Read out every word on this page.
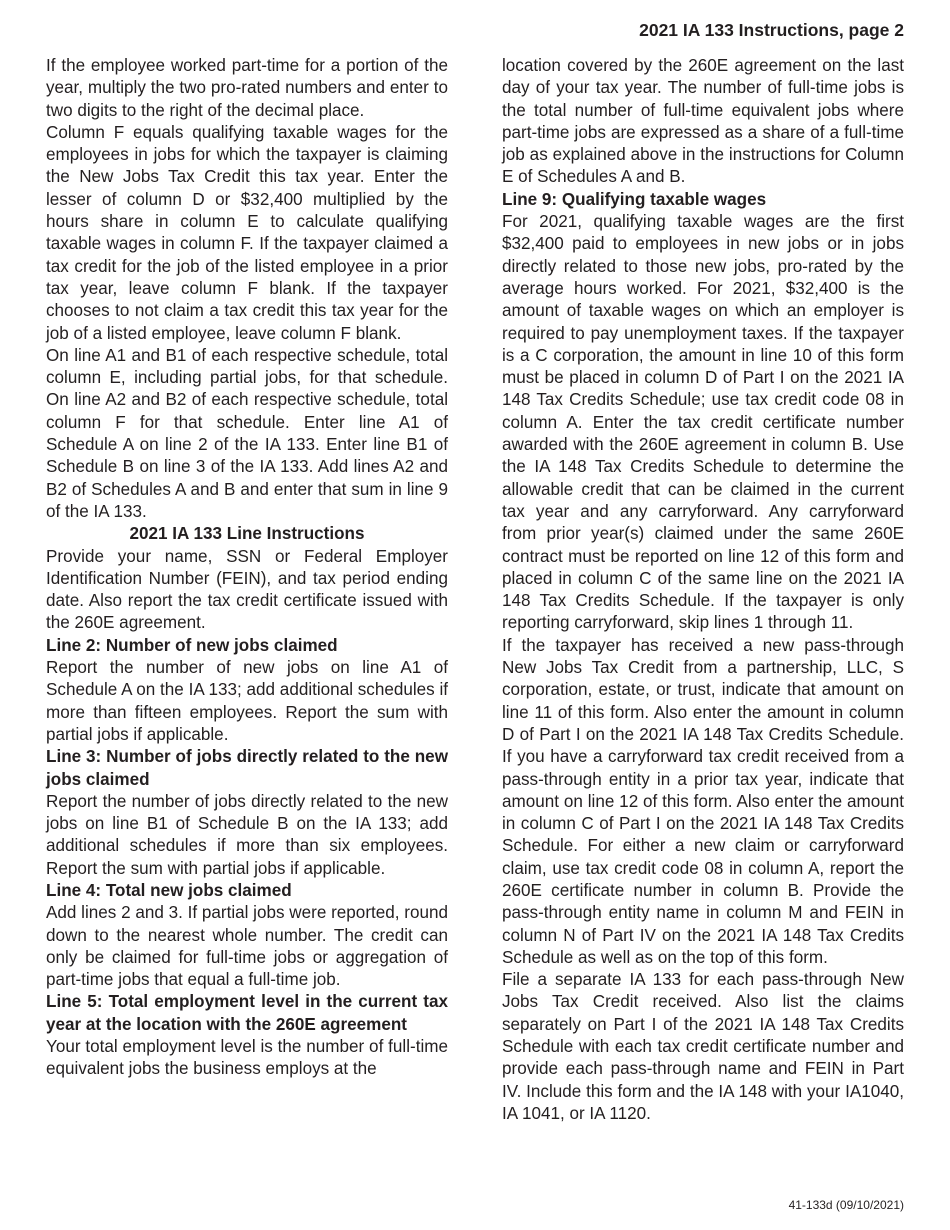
2021 IA 133 Instructions, page 2

If the employee worked part-time for a portion of the year, multiply the two pro-rated numbers and enter to two digits to the right of the decimal place.

Column F equals qualifying taxable wages for the employees in jobs for which the taxpayer is claiming the New Jobs Tax Credit this tax year. Enter the lesser of column D or $32,400 multiplied by the hours share in column E to calculate qualifying taxable wages in column F. If the taxpayer claimed a tax credit for the job of the listed employee in a prior tax year, leave column F blank. If the taxpayer chooses to not claim a tax credit this tax year for the job of a listed employee, leave column F blank.

On line A1 and B1 of each respective schedule, total column E, including partial jobs, for that schedule. On line A2 and B2 of each respective schedule, total column F for that schedule. Enter line A1 of Schedule A on line 2 of the IA 133. Enter line B1 of Schedule B on line 3 of the IA 133. Add lines A2 and B2 of Schedules A and B and enter that sum in line 9 of the IA 133.

2021 IA 133 Line Instructions

Provide your name, SSN or Federal Employer Identification Number (FEIN), and tax period ending date. Also report the tax credit certificate issued with the 260E agreement.

Line 2: Number of new jobs claimed

Report the number of new jobs on line A1 of Schedule A on the IA 133; add additional schedules if more than fifteen employees. Report the sum with partial jobs if applicable.

Line 3: Number of jobs directly related to the new jobs claimed

Report the number of jobs directly related to the new jobs on line B1 of Schedule B on the IA 133; add additional schedules if more than six employees. Report the sum with partial jobs if applicable.

Line 4: Total new jobs claimed

Add lines 2 and 3. If partial jobs were reported, round down to the nearest whole number. The credit can only be claimed for full-time jobs or aggregation of part-time jobs that equal a full-time job.

Line 5: Total employment level in the current tax year at the location with the 260E agreement

Your total employment level is the number of full-time equivalent jobs the business employs at the

location covered by the 260E agreement on the last day of your tax year. The number of full-time jobs is the total number of full-time equivalent jobs where part-time jobs are expressed as a share of a full-time job as explained above in the instructions for Column E of Schedules A and B.

Line 9: Qualifying taxable wages

For 2021, qualifying taxable wages are the first $32,400 paid to employees in new jobs or in jobs directly related to those new jobs, pro-rated by the average hours worked. For 2021, $32,400 is the amount of taxable wages on which an employer is required to pay unemployment taxes. If the taxpayer is a C corporation, the amount in line 10 of this form must be placed in column D of Part I on the 2021 IA 148 Tax Credits Schedule; use tax credit code 08 in column A. Enter the tax credit certificate number awarded with the 260E agreement in column B. Use the IA 148 Tax Credits Schedule to determine the allowable credit that can be claimed in the current tax year and any carryforward. Any carryforward from prior year(s) claimed under the same 260E contract must be reported on line 12 of this form and placed in column C of the same line on the 2021 IA 148 Tax Credits Schedule. If the taxpayer is only reporting carryforward, skip lines 1 through 11.

If the taxpayer has received a new pass-through New Jobs Tax Credit from a partnership, LLC, S corporation, estate, or trust, indicate that amount on line 11 of this form. Also enter the amount in column D of Part I on the 2021 IA 148 Tax Credits Schedule. If you have a carryforward tax credit received from a pass-through entity in a prior tax year, indicate that amount on line 12 of this form. Also enter the amount in column C of Part I on the 2021 IA 148 Tax Credits Schedule. For either a new claim or carryforward claim, use tax credit code 08 in column A, report the 260E certificate number in column B. Provide the pass-through entity name in column M and FEIN in column N of Part IV on the 2021 IA 148 Tax Credits Schedule as well as on the top of this form.

File a separate IA 133 for each pass-through New Jobs Tax Credit received. Also list the claims separately on Part I of the 2021 IA 148 Tax Credits Schedule with each tax credit certificate number and provide each pass-through name and FEIN in Part IV. Include this form and the IA 148 with your IA1040, IA 1041, or IA 1120.

41-133d (09/10/2021)
